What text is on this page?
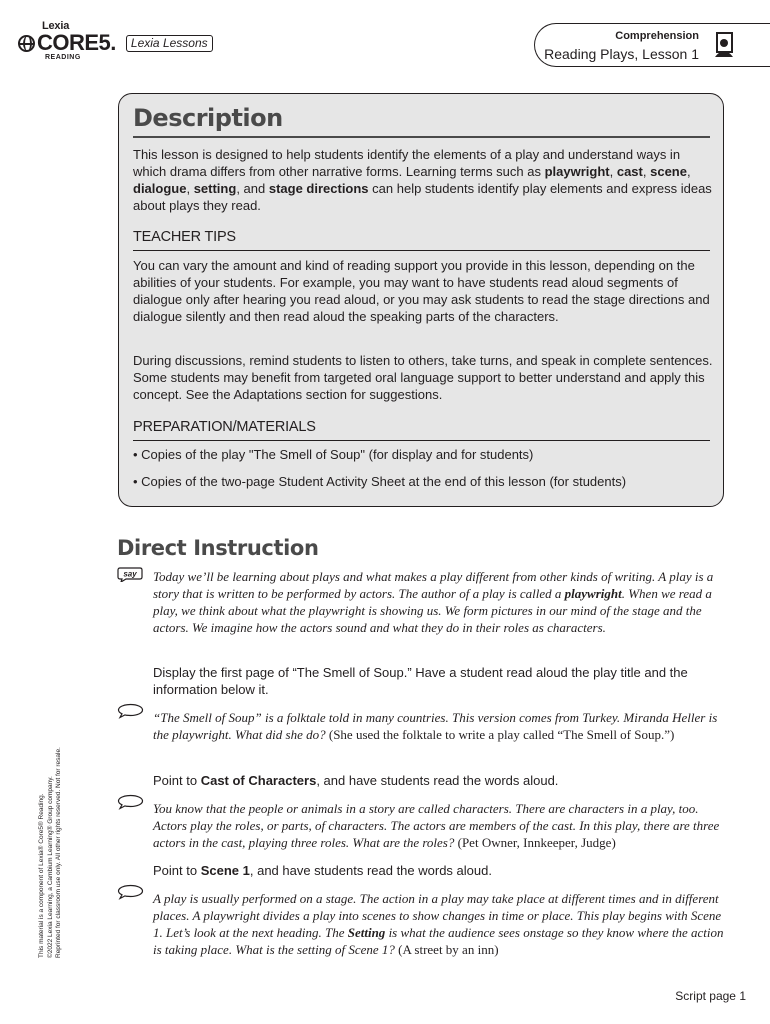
Lexia
CORE5.	Lexia Lessons
READING
Comprehension
Reading Plays, Lesson 1
Description
This lesson is designed to help students identify the elements of a play and understand ways in which drama differs from other narrative forms. Learning terms such as playwright, cast, scene, dialogue, setting, and stage directions can help students identify play elements and express ideas about plays they read.
TEACHER TIPS
You can vary the amount and kind of reading support you provide in this lesson, depending on the abilities of your students. For example, you may want to have students read aloud segments of dialogue only after hearing you read aloud, or you may ask students to read the stage directions and dialogue silently and then read aloud the speaking parts of the characters.
During discussions, remind students to listen to others, take turns, and speak in complete sentences. Some students may benefit from targeted oral language support to better understand and apply this concept. See the Adaptations section for suggestions.
PREPARATION/MATERIALS
• Copies of the play "The Smell of Soup" (for display and for students)
• Copies of the two-page Student Activity Sheet at the end of this lesson (for students)
Direct Instruction
say Today we’ll be learning about plays and what makes a play different from other kinds of writing. A play is a story that is written to be performed by actors. The author of a play is called a playwright. When we read a play, we think about what the playwright is showing us. We form pictures in our mind of the stage and the actors. We imagine how the actors sound and what they do in their roles as characters.
Display the first page of “The Smell of Soup.” Have a student read aloud the play title and the information below it.
“The Smell of Soup” is a folktale told in many countries. This version comes from Turkey. Miranda Heller is the playwright. What did she do? (She used the folktale to write a play called “The Smell of Soup.”)
Point to Cast of Characters, and have students read the words aloud.
You know that the people or animals in a story are called characters. There are characters in a play, too. Actors play the roles, or parts, of characters. The actors are members of the cast. In this play, there are three actors in the cast, playing three roles. What are the roles? (Pet Owner, Innkeeper, Judge)
Point to Scene 1, and have students read the words aloud.
A play is usually performed on a stage. The action in a play may take place at different times and in different places. A playwright divides a play into scenes to show changes in time or place. This play begins with Scene 1. Let’s look at the next heading. The Setting is what the audience sees onstage so they know where the action is taking place. What is the setting of Scene 1? (A street by an inn)
This material is a component of Lexia® Core5® Reading. ©2022 Lexia Learning, a Cambium Learning® Group company. Reprinted for classroom use only. All other rights reserved. Not for resale.
Script page 1
